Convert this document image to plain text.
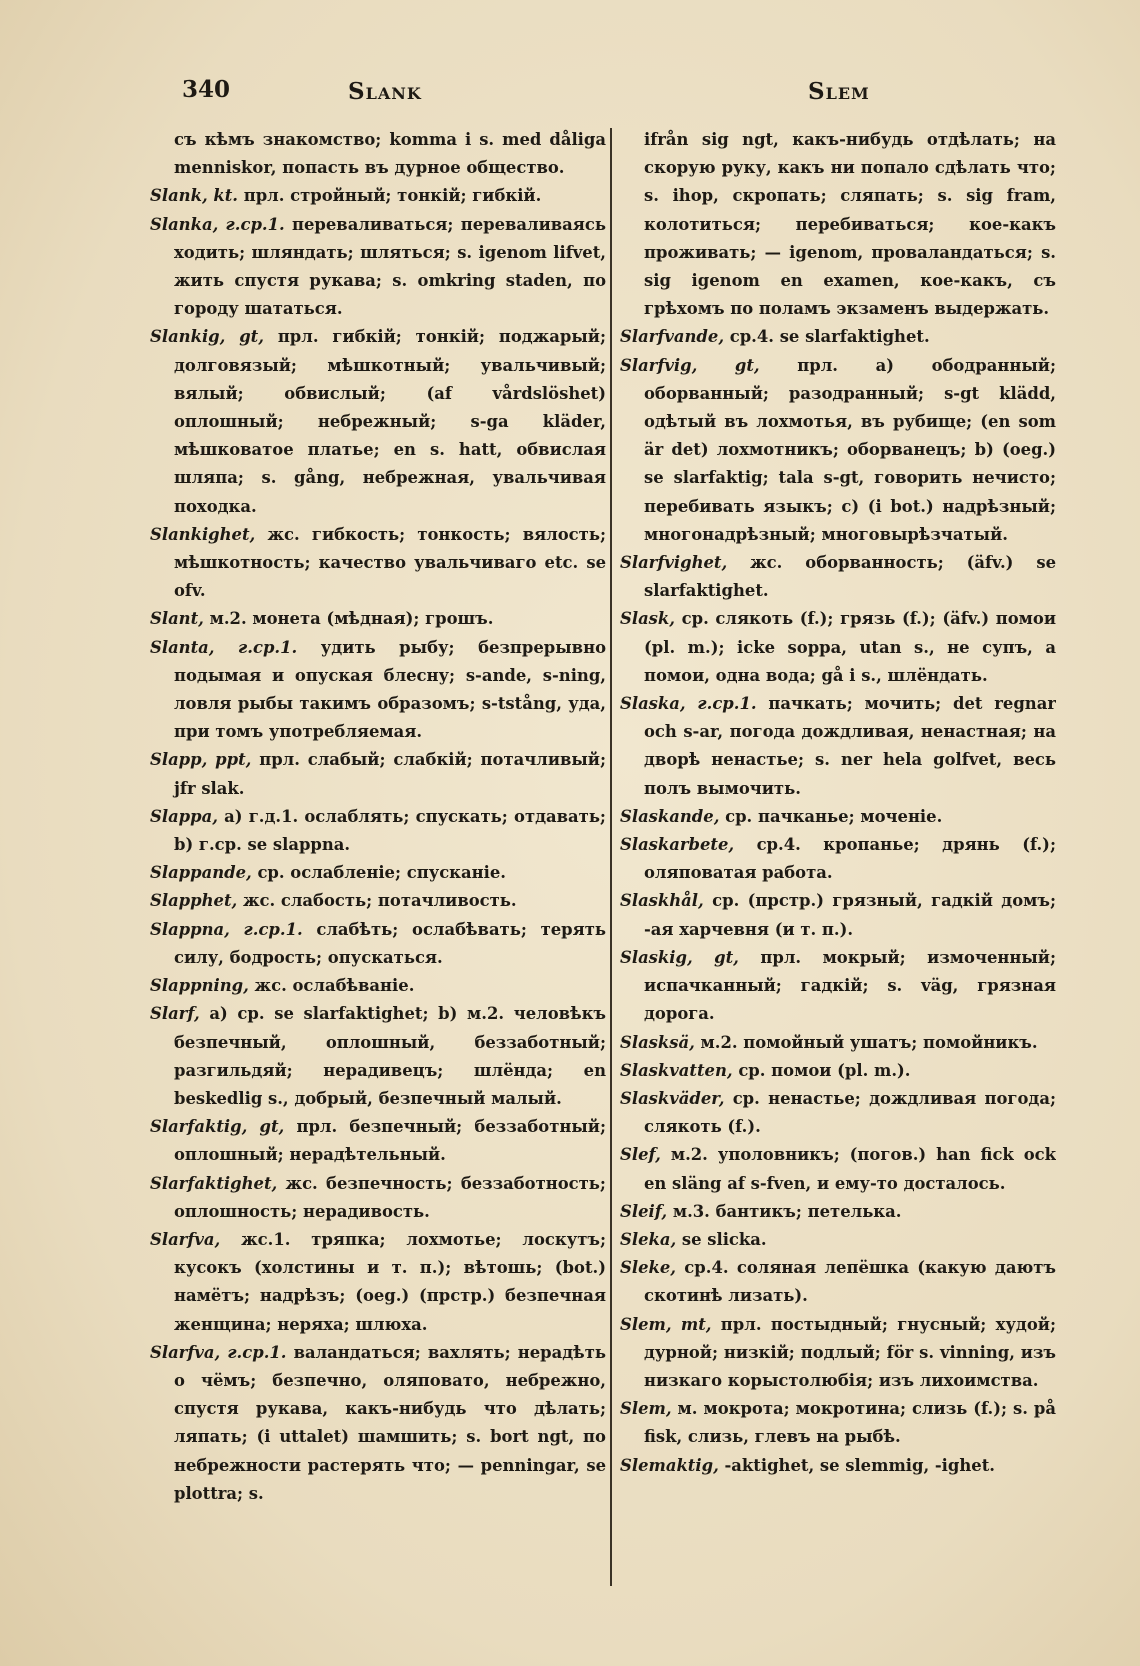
340	Slank	Slem

съ кѣмъ знакомство; komma i s. med dåliga menniskor, попасть въ дурное общество.

Slank, kt. прл. стройный; тонкій; гибкій.

Slanka, г.ср.1. переваливаться; переваливаясь ходить; шляндать; шляться; s. igenom lifvet, жить спустя рукава; s. omkring staden, по городу шататься.

Slankig, gt, прл. гибкій; тонкій; поджарый; долговязый; мѣшкотный; увальчивый; вялый; обвислый; (af vårdslöshet) оплошный; небрежный; s-ga kläder, мѣшковатое платье; en s. hatt, обвислая шляпа; s. gång, небрежная, увальчивая походка.

Slankighet, жс. гибкость; тонкость; вялость; мѣшкотность; качество увальчиваго etc. se ofv.

Slant, м.2. монета (мѣдная); грошъ.

Slanta, г.ср.1. удить рыбу; безпрерывно подымая и опуская блесну; s-ande, s-ning, ловля рыбы такимъ образомъ; s-tstång, уда, при томъ употребляемая.

Slapp, ppt, прл. слабый; слабкій; потачливый; jfr slak.

Slappa, a) г.д.1. ослаблять; спускать; отдавать; b) г.ср. se slappna.

Slappande, ср. ослабленіе; спусканіе.

Slapphet, жс. слабость; потачливость.

Slappna, г.ср.1. слабѣть; ослабѣвать; терять силу, бодрость; опускаться.

Slappning, жс. ослабѣваніе.

Slarf, a) ср. se slarfaktighet; b) м.2. человѣкъ безпечный, оплошный, беззаботный; разгильдяй; нерадивецъ; шлёнда; en beskedlig s., добрый, безпечный малый.

Slarfaktig, gt, прл. безпечный; беззаботный; оплошный; нерадѣтельный.

Slarfaktighet, жс. безпечность; беззаботность; оплошность; нерадивость.

Slarfva, жс.1. тряпка; лохмотье; лоскутъ; кусокъ (холстины и т. п.); вѣтошь; (bot.) намётъ; надрѣзъ; (oeg.) (прстр.) безпечная женщина; неряха; шлюха.

Slarfva, г.ср.1. валандаться; вахлять; нерадѣть о чёмъ; безпечно, оляповато, небрежно, спустя рукава, какъ-нибудь что дѣлать; ляпать; (i uttalet) шамшить; s. bort ngt, по небрежности растерять что; — penningar, se plottra; s.

ifrån sig ngt, какъ-нибудь отдѣлать; на скорую руку, какъ ни попало сдѣлать что; s. ihop, скропать; сляпать; s. sig fram, колотиться; перебиваться; кое-какъ проживать; — igenom, проваландаться; s. sig igenom en examen, кое-какъ, съ грѣхомъ по поламъ экзаменъ выдержать.

Slarfvande, ср.4. se slarfaktighet.

Slarfvig, gt, прл. a) ободранный; оборванный; разодранный; s-gt klädd, одѣтый въ лохмотья, въ рубище; (en som är det) лохмотникъ; оборванецъ; b) (oeg.) se slarfaktig; tala s-gt, говорить нечисто; перебивать языкъ; c) (i bot.) надрѣзный; многонадрѣзный; многовырѣзчатый.

Slarfvighet, жс. оборванность; (äfv.) se slarfaktighet.

Slask, ср. слякоть (f.); грязь (f.); (äfv.) помои (pl. m.); icke soppa, utan s., не супъ, а помои, одна вода; gå i s., шлёндать.

Slaska, г.ср.1. пачкать; мочить; det regnar och s-ar, погода дождливая, ненастная; на дворѣ ненастье; s. ner hela golfvet, весь полъ вымочить.

Slaskande, ср. пачканье; моченіе.

Slaskarbete, ср.4. кропанье; дрянь (f.); оляповатая работа.

Slaskhål, ср. (прстр.) грязный, гадкій домъ; -ая харчевня (и т. п.).

Slaskig, gt, прл. мокрый; измоченный; испачканный; гадкій; s. väg, грязная дорога.

Slasksä, м.2. помойный ушатъ; помойникъ.

Slaskvatten, ср. помои (pl. m.).

Slaskväder, ср. ненастье; дождливая погода; слякоть (f.).

Slef, м.2. уполовникъ; (погов.) han fick ock en släng af s-fven, и ему-то досталось.

Sleif, м.3. бантикъ; петелька.

Sleka, se slicka.

Sleke, ср.4. соляная лепёшка (какую даютъ скотинѣ лизать).

Slem, mt, прл. постыдный; гнусный; худой; дурной; низкій; подлый; för s. vinning, изъ низкаго корыстолюбія; изъ лихоимства.

Slem, м. мокрота; мокротина; слизь (f.); s. på fisk, слизь, глевъ на рыбѣ.

Slemaktig, -aktighet, se slemmig, -ighet.
